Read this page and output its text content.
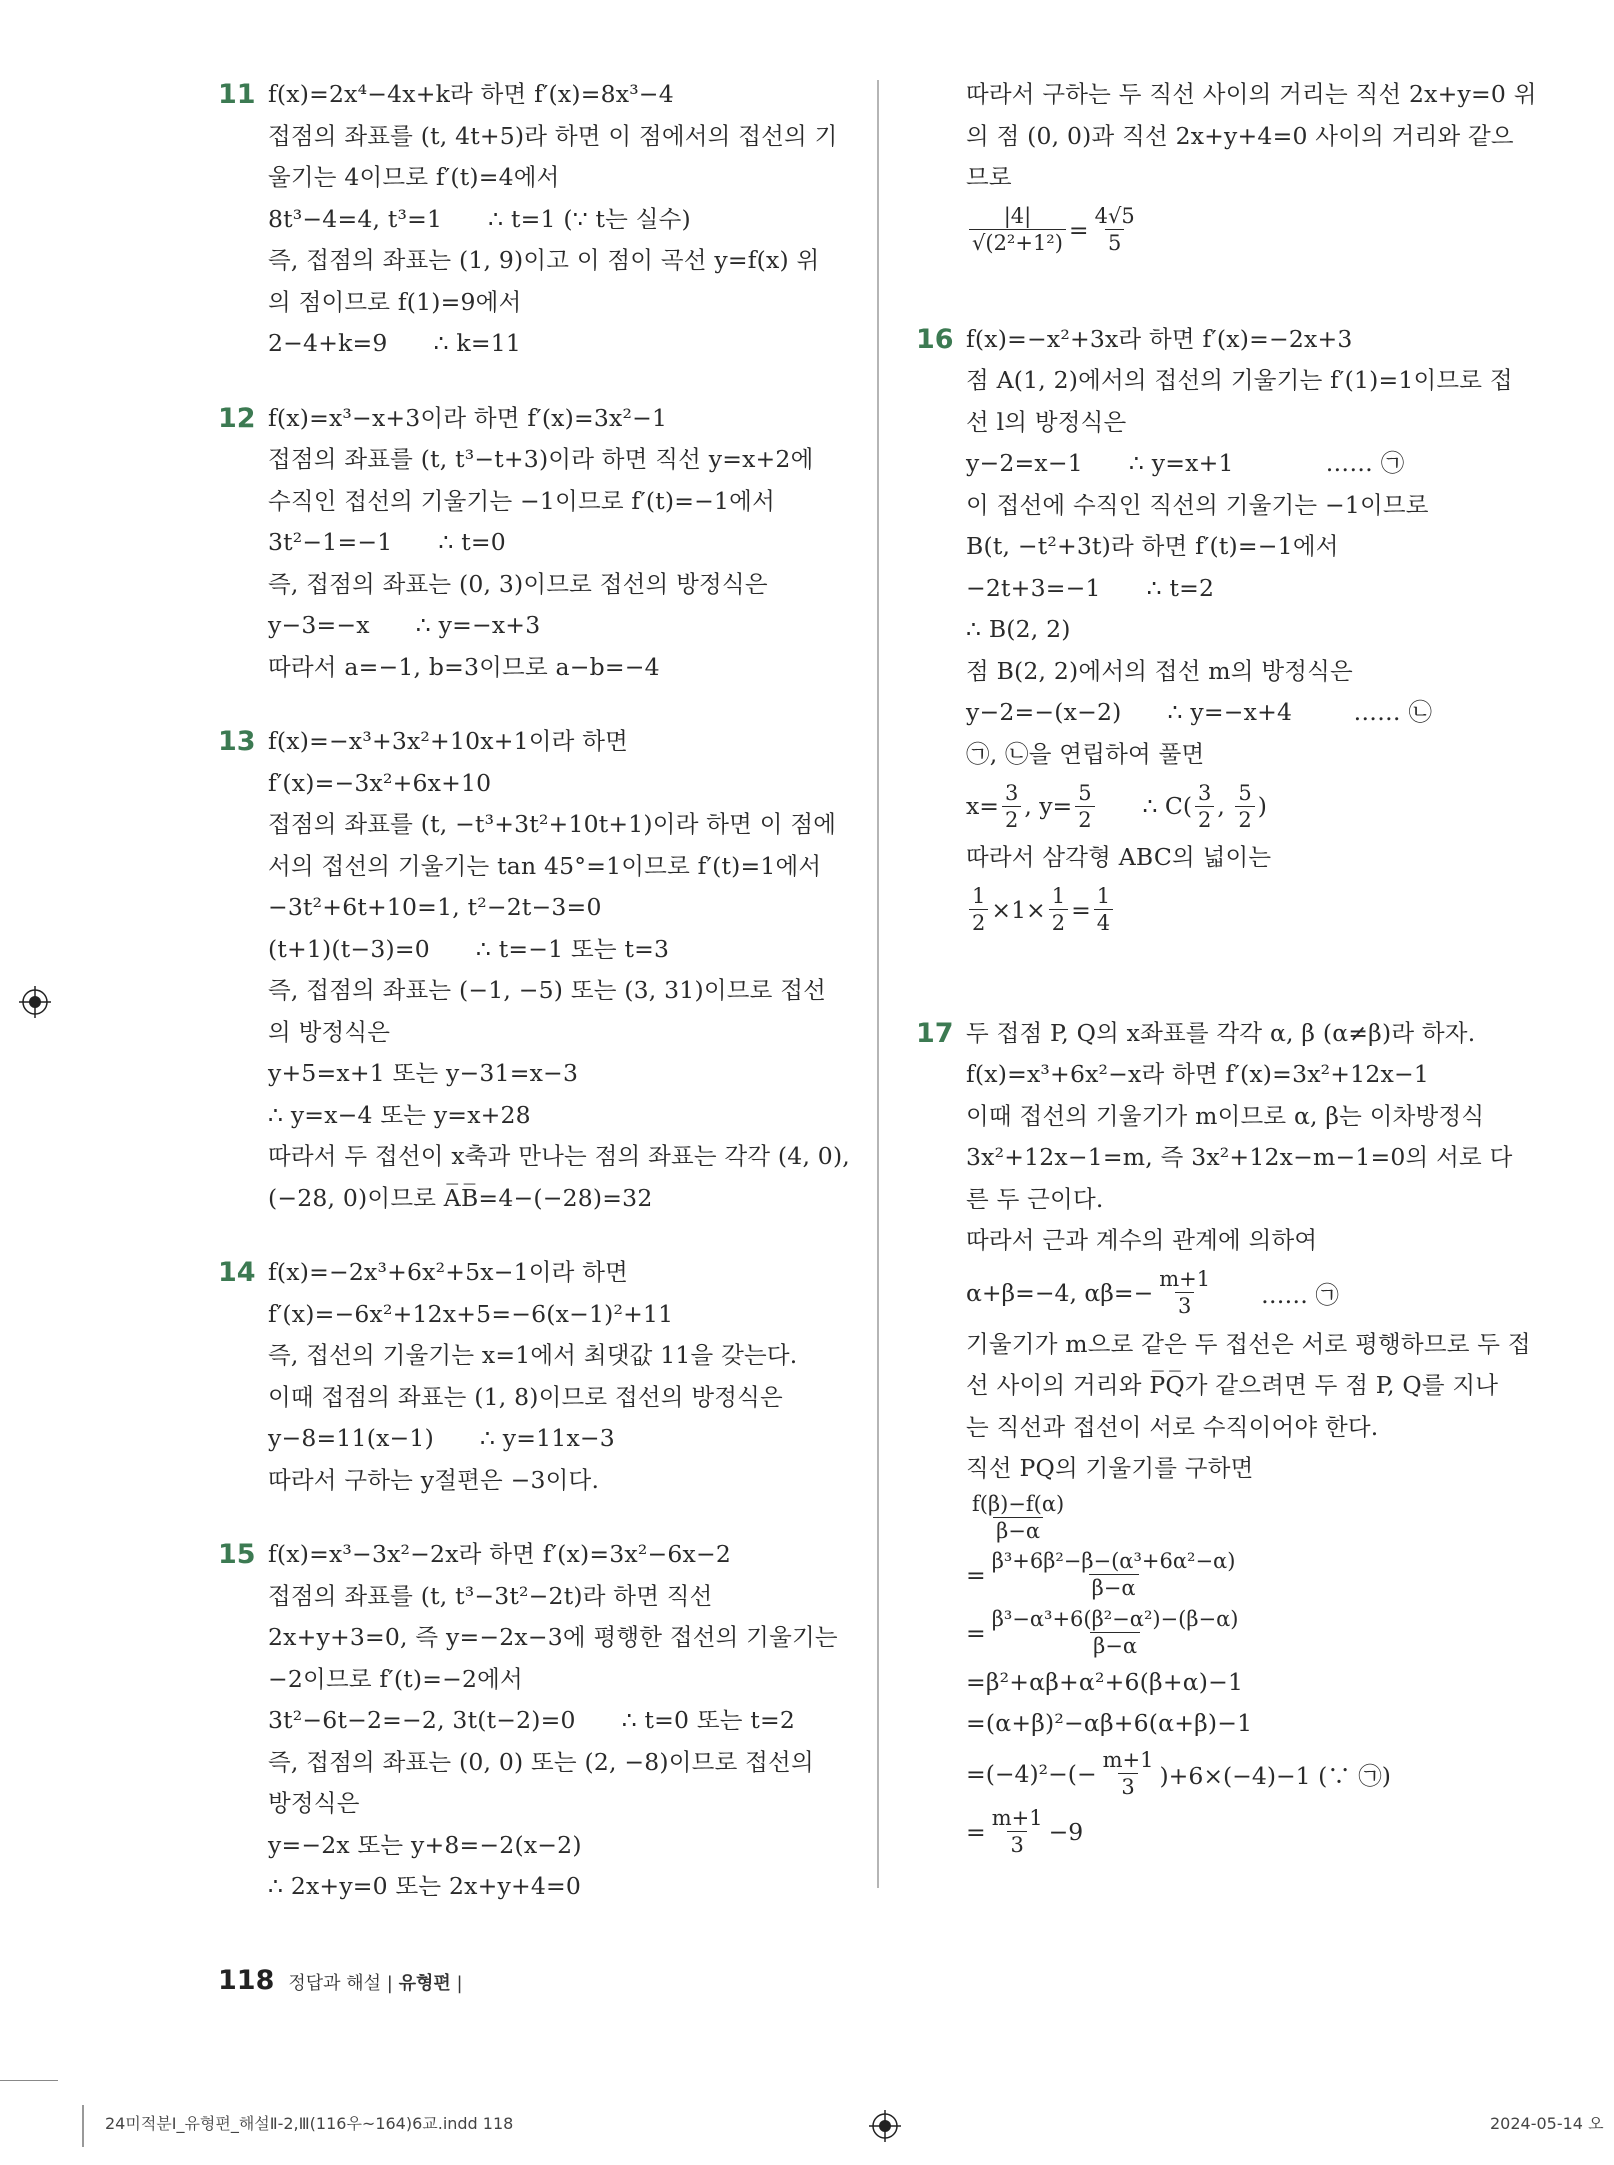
11 f(x)=2x⁴−4x+k라 하면 f′(x)=8x³−4
접점의 좌표를 (t, 4t+5)라 하면 이 점에서의 접선의 기
울기는 4이므로 f′(t)=4에서
8t³−4=4, t³=1      ∴ t=1 (∵ t는 실수)
즉, 접점의 좌표는 (1, 9)이고 이 점이 곡선 y=f(x) 위
의 점이므로 f(1)=9에서
2−4+k=9      ∴ k=11
12 f(x)=x³−x+3이라 하면 f′(x)=3x²−1
접점의 좌표를 (t, t³−t+3)이라 하면 직선 y=x+2에
수직인 접선의 기울기는 −1이므로 f′(t)=−1에서
3t²−1=−1      ∴ t=0
즉, 접점의 좌표는 (0, 3)이므로 접선의 방정식은
y−3=−x      ∴ y=−x+3
따라서 a=−1, b=3이므로 a−b=−4
13 f(x)=−x³+3x²+10x+1이라 하면
f′(x)=−3x²+6x+10
접점의 좌표를 (t, −t³+3t²+10t+1)이라 하면 이 점에
서의 접선의 기울기는 tan 45°=1이므로 f′(t)=1에서
−3t²+6t+10=1, t²−2t−3=0
(t+1)(t−3)=0      ∴ t=−1 또는 t=3
즉, 접점의 좌표는 (−1, −5) 또는 (3, 31)이므로 접선
의 방정식은
y+5=x+1 또는 y−31=x−3
∴ y=x−4 또는 y=x+28
따라서 두 접선이 x축과 만나는 점의 좌표는 각각 (4, 0),
(−28, 0)이므로 A̅B̅=4−(−28)=32
14 f(x)=−2x³+6x²+5x−1이라 하면
f′(x)=−6x²+12x+5=−6(x−1)²+11
즉, 접선의 기울기는 x=1에서 최댓값 11을 갖는다.
이때 접점의 좌표는 (1, 8)이므로 접선의 방정식은
y−8=11(x−1)      ∴ y=11x−3
따라서 구하는 y절편은 −3이다.
15 f(x)=x³−3x²−2x라 하면 f′(x)=3x²−6x−2
접점의 좌표를 (t, t³−3t²−2t)라 하면 직선
2x+y+3=0, 즉 y=−2x−3에 평행한 접선의 기울기는
−2이므로 f′(t)=−2에서
3t²−6t−2=−2, 3t(t−2)=0      ∴ t=0 또는 t=2
즉, 접점의 좌표는 (0, 0) 또는 (2, −8)이므로 접선의
방정식은
y=−2x 또는 y+8=−2(x−2)
∴ 2x+y=0 또는 2x+y+4=0
따라서 구하는 두 직선 사이의 거리는 직선 2x+y=0 위
의 점 (0, 0)과 직선 2x+y+4=0 사이의 거리와 같으
므로
$\frac{|4|}{\text{√(2²+1²)}} = \frac{4√5}{5}$
16 f(x)=−x²+3x라 하면 f′(x)=−2x+3
점 A(1, 2)에서의 접선의 기울기는 f′(1)=1이므로 접
선 l의 방정식은
y−2=x−1      ∴ y=x+1            …… ㉠
이 접선에 수직인 직선의 기울기는 −1이므로
B(t, −t²+3t)라 하면 f′(t)=−1에서
−2t+3=−1      ∴ t=2
∴ B(2, 2)
점 B(2, 2)에서의 접선 m의 방정식은
y−2=−(x−2)      ∴ y=−x+4        …… ㉡
㉠, ㉡을 연립하여 풀면
$x= \frac{3}{2}$ , $y= \frac{5}{2}$ ∴ $C( \frac{3}{2}$ , $\frac{5}{2}$ )
따라서 삼각형 ABC의 넓이는
$\frac{1}{2} \times 1\times \frac{1}{2} = \frac{1}{4}$
17 두 접점 P, Q의 x좌표를 각각 α, β (α≠β)라 하자.
f(x)=x³+6x²−x라 하면 f′(x)=3x²+12x−1
이때 접선의 기울기가 m이므로 α, β는 이차방정식
3x²+12x−1=m, 즉 3x²+12x−m−1=0의 서로 다
른 두 근이다.
따라서 근과 계수의 관계에 의하여
α+β=−4, $\alpha\beta=- \frac{m+1}{3}$ …… ㉠
기울기가 m으로 같은 두 접선은 서로 평행하므로 두 접
선 사이의 거리와 P̅Q̅가 같으려면 두 점 P, Q를 지나
는 직선과 접선이 서로 수직이어야 한다.
직선 PQ의 기울기를 구하면
$\frac{f(\beta)-f(\alpha)}{\beta-\alpha}$
= $\frac{\text{β³+6β²−β−(α³+6α²−α)}}{\beta-\alpha}$
= $\frac{\text{β³−α³+6(β²−α²)−(β−α)}}{\beta-\alpha}$
=β²+αβ+α²+6(β+α)−1
=(α+β)²−αβ+6(α+β)−1
$=(-4)^2-(- \frac{m+1}{3} )+6\times(-4)-1$ (∵ ㉠)
= $\frac{m+1}{3} -9$
118 정답과 해설 | 유형편 |
24미적분Ⅰ_유형편_해설Ⅱ-2,Ⅲ(116우~164)6교.indd 118	2024-05-14 오
